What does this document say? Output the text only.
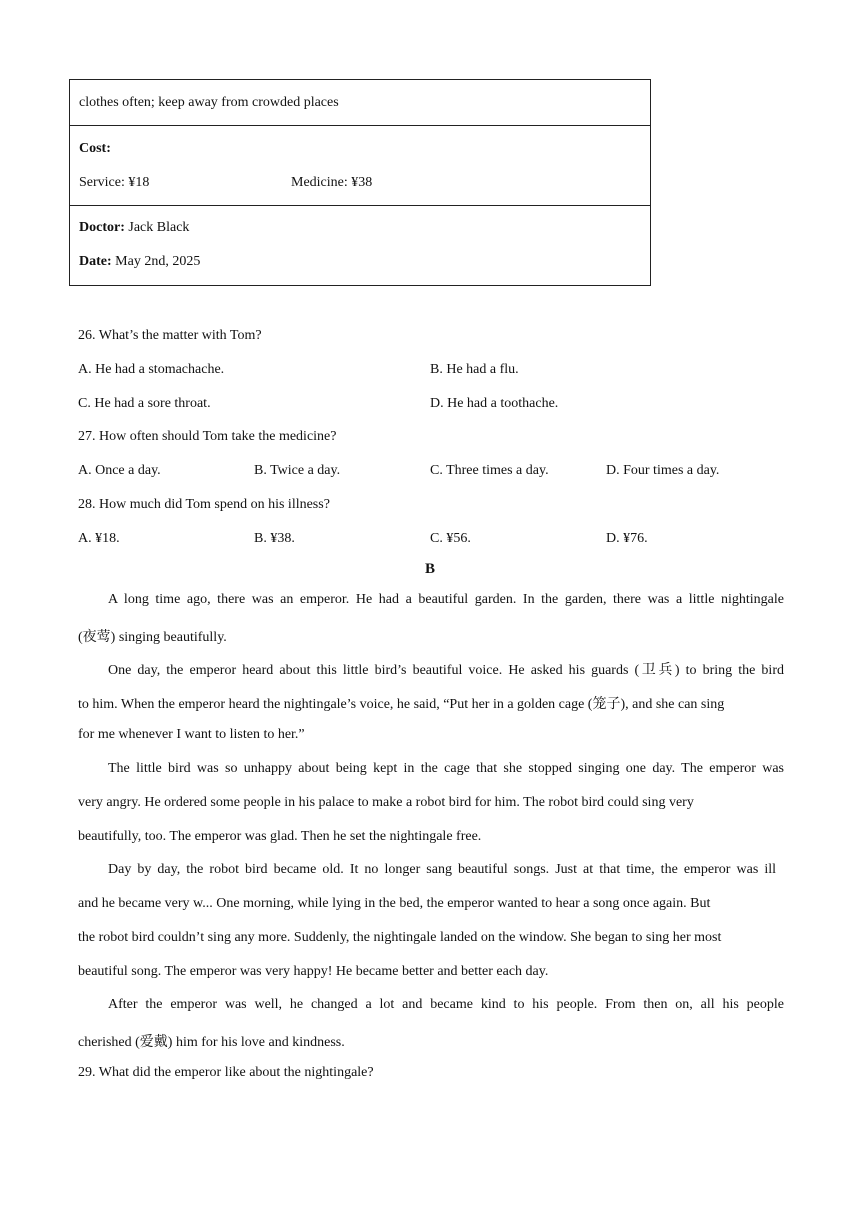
clothes often; keep away from crowded places
Cost:
Service: ¥18	Medicine: ¥38
Doctor: Jack Black
Date: May 2nd, 2025
26. What’s the matter with Tom?
A. He had a stomachache.	B. He had a flu.
C. He had a sore throat.	D. He had a toothache.
27. How often should Tom take the medicine?
A. Once a day.	B. Twice a day.	C. Three times a day.	D. Four times a day.
28. How much did Tom spend on his illness?
A. ¥18.	B. ¥38.	C. ¥56.	D. ¥76.
B
A long time ago, there was an emperor. He had a beautiful garden. In the garden, there was a little nightingale
(夜莺) singing beautifully.
One day, the emperor heard about this little bird’s beautiful voice. He asked his guards (卫兵) to bring the bird
to him. When the emperor heard the nightingale’s voice, he said, “Put her in a golden cage (笼子), and she can sing
for me whenever I want to listen to her.”
The little bird was so unhappy about being kept in the cage that she stopped singing one day. The emperor was
very angry. He ordered some people in his palace to make a robot bird for him. The robot bird could sing very
beautifully, too. The emperor was glad. Then he set the nightingale free.
Day by day, the robot bird became old. It no longer sang beautiful songs. Just at that time, the emperor was ill
and he became very w... One morning, while lying in the bed, the emperor wanted to hear a song once again. But
the robot bird couldn’t sing any more. Suddenly, the nightingale landed on the window. She began to sing her most
beautiful song. The emperor was very happy! He became better and better each day.
After the emperor was well, he changed a lot and became kind to his people. From then on, all his people
cherished (爱戴) him for his love and kindness.
29. What did the emperor like about the nightingale?
